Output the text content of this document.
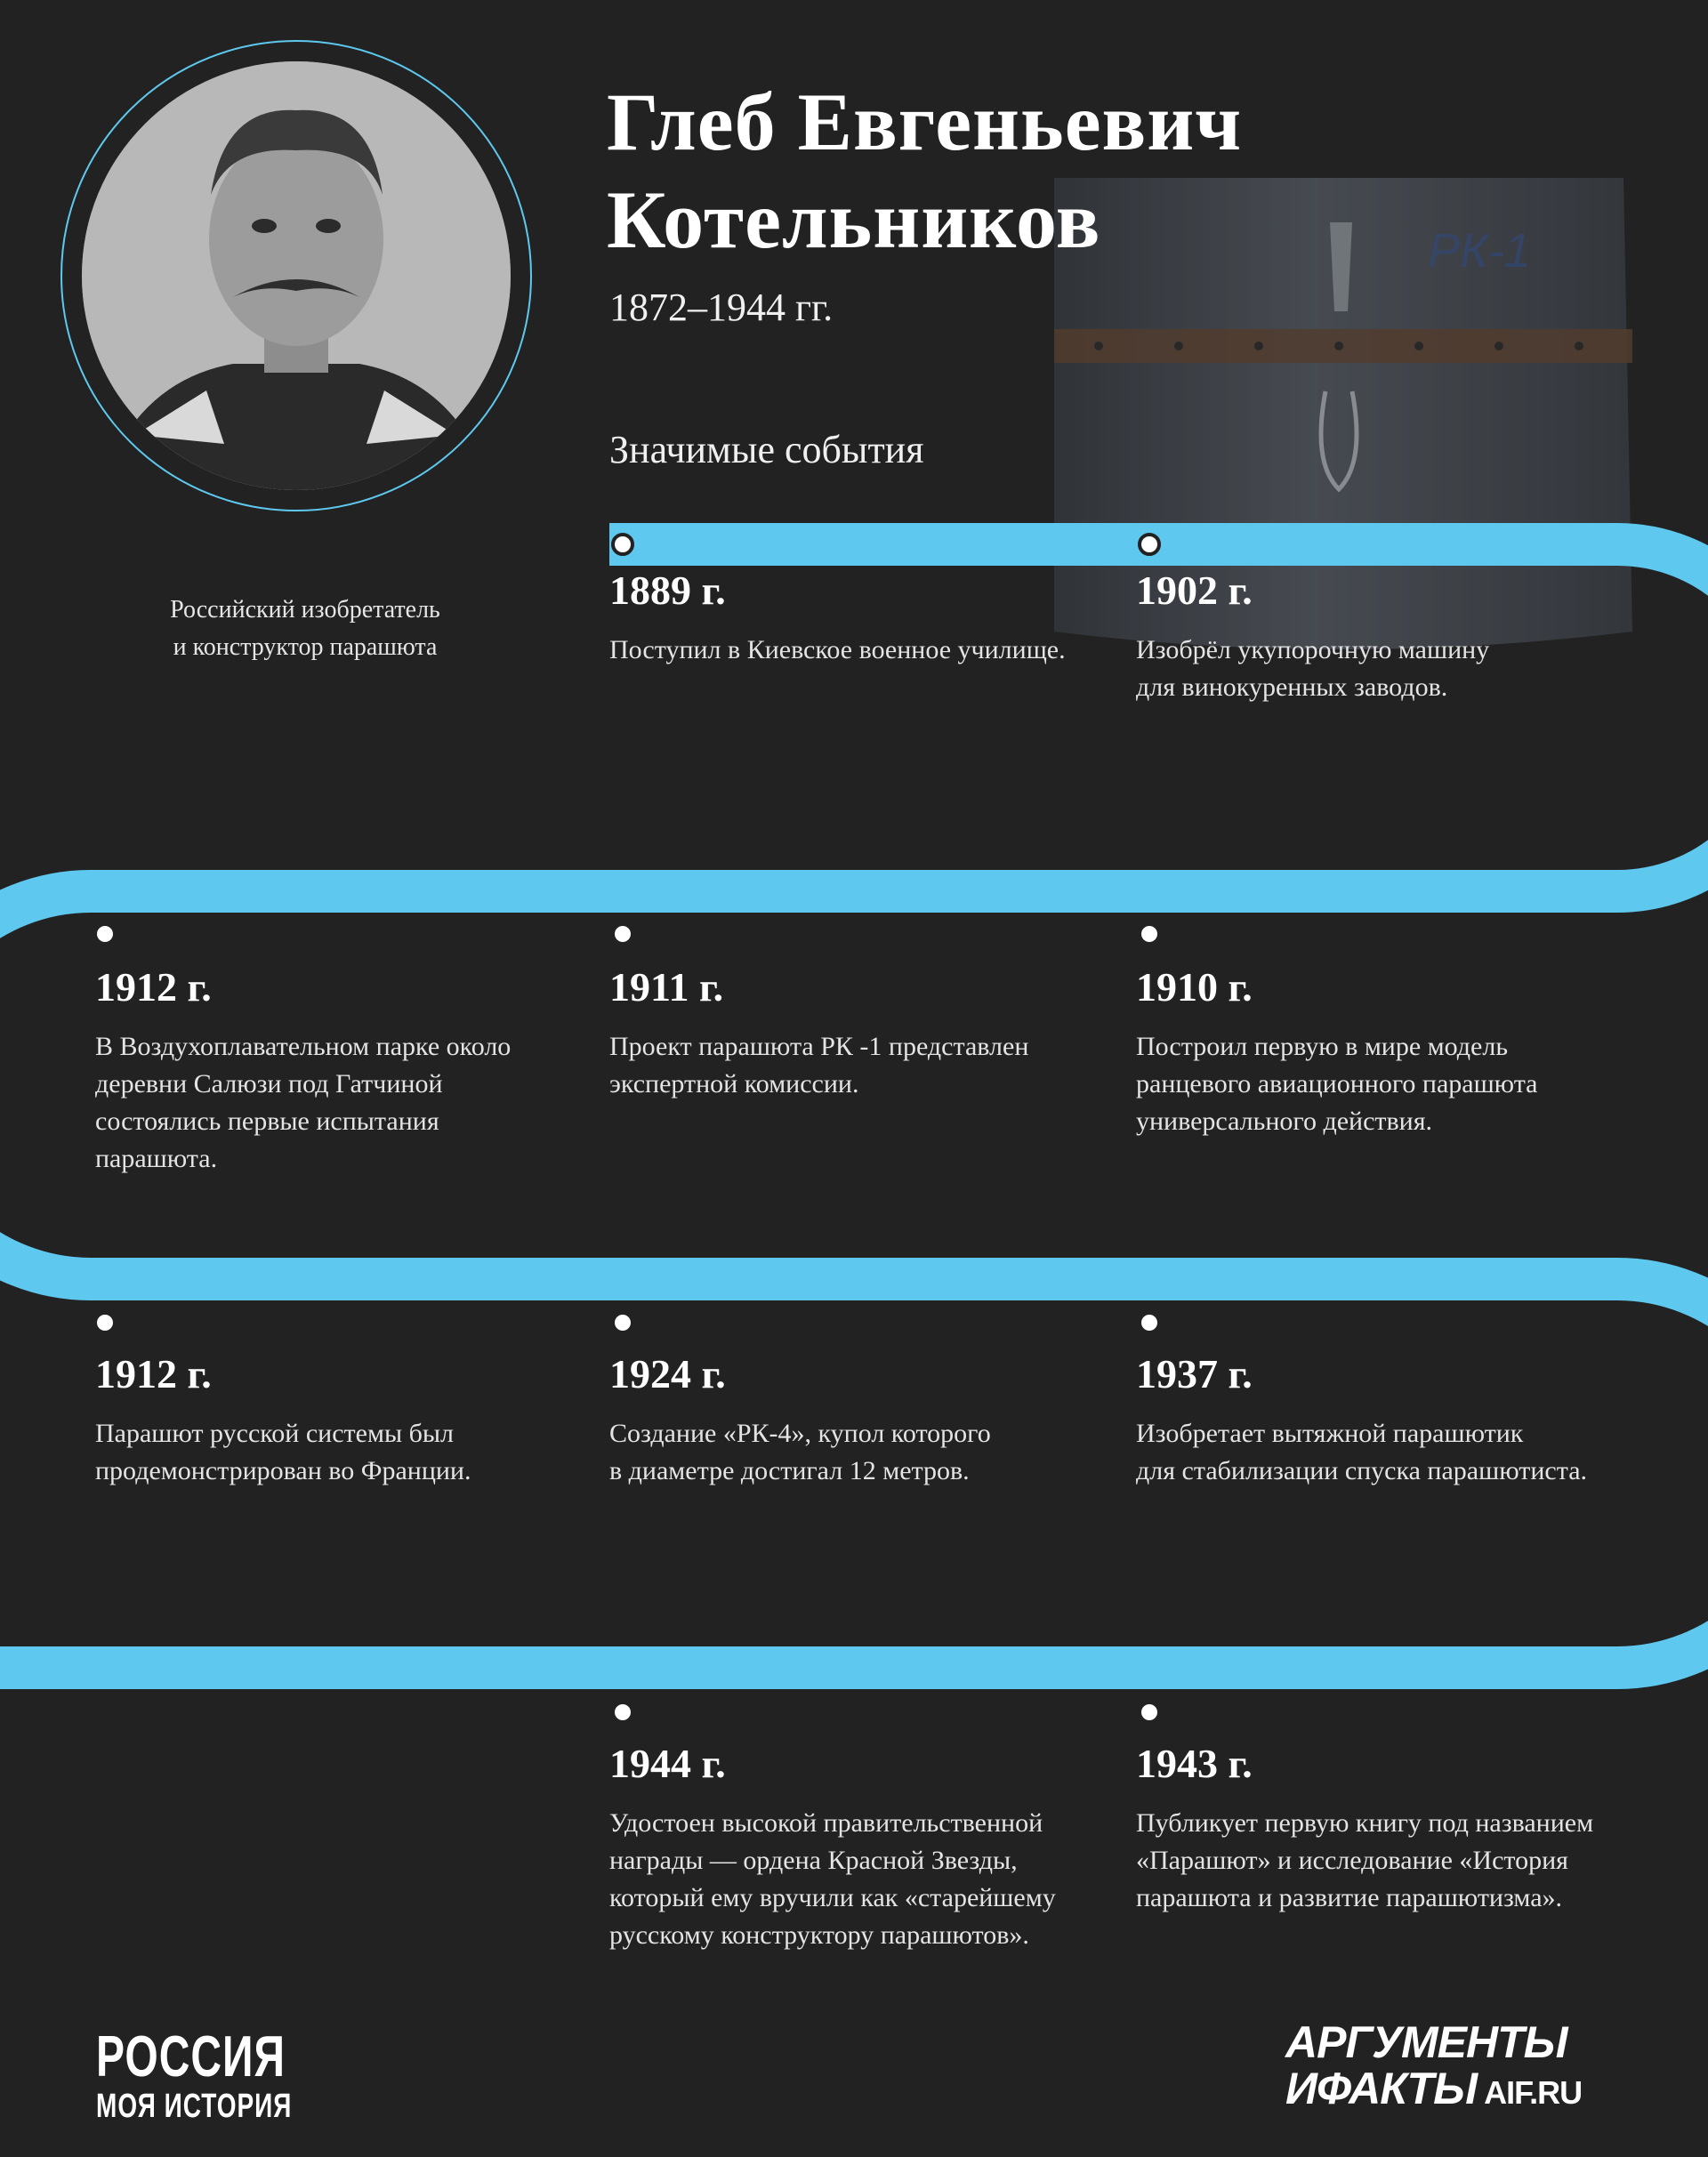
РК-1
Российский изобретатель
и конструктор парашюта
Глеб Евгеньевич
Котельников
1872–1944 гг.
Значимые события
1889 г.
Поступил в Киевское военное училище.
1902 г.
Изобрёл укупорочную машину
для винокуренных заводов.
1912 г.
В Воздухоплавательном парке около
деревни Салюзи под Гатчиной
состоялись первые испытания
парашюта.
1911 г.
Проект парашюта РК -1 представлен
экспертной комиссии.
1910 г.
Построил первую в мире модель
ранцевого авиационного парашюта
универсального действия.
1912 г.
Парашют русской системы был
продемонстрирован во Франции.
1924 г.
Создание «РК-4», купол которого
в диаметре достигал 12 метров.
1937 г.
Изобретает вытяжной парашютик
для стабилизации спуска парашютиста.
1944 г.
Удостоен высокой правительственной
награды — ордена Красной Звезды,
который ему вручили как «старейшему
русскому конструктору парашютов».
1943 г.
Публикует первую книгу под названием
«Парашют» и исследование «История
парашюта и развитие парашютизма».
РОССИЯ
МОЯ ИСТОРИЯ
АРГУМЕНТЫ
ИФАКТЫ AIF.RU
